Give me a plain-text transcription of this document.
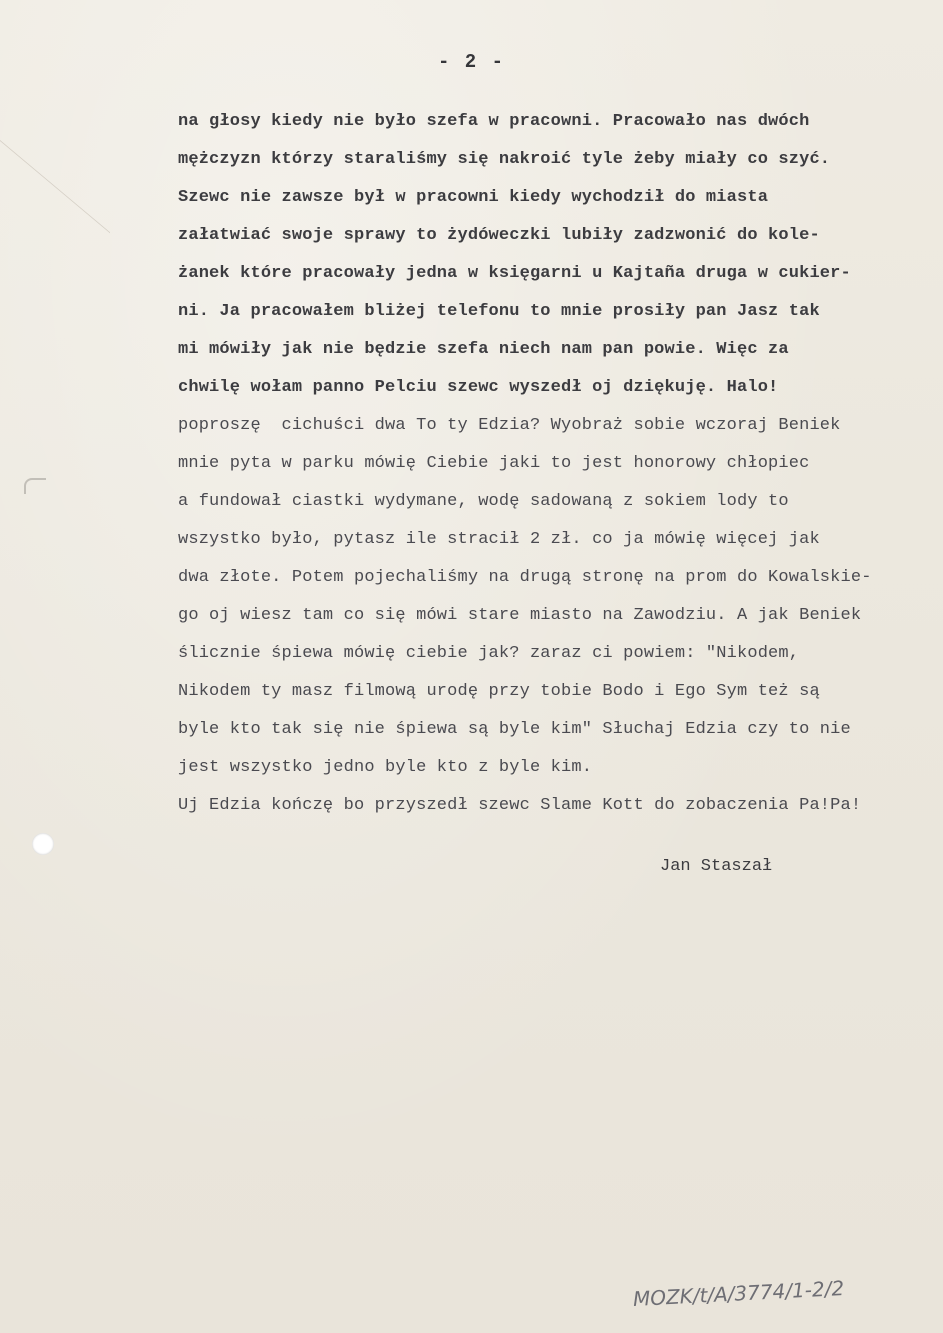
- 2 -
na głosy kiedy nie było szefa w pracowni. Pracowało nas dwóch
mężczyzn którzy staraliśmy się nakroić tyle żeby miały co szyć.
Szewc nie zawsze był w pracowni kiedy wychodził do miasta
załatwiać swoje sprawy to żydóweczki lubiły zadzwonić do kole-
żanek które pracowały jedna w księgarni u Kajtaña druga w cukier-
ni. Ja pracowałem bliżej telefonu to mnie prosiły pan Jasz tak
mi mówiły jak nie będzie szefa niech nam pan powie. Więc za
chwilę wołam panno Pelciu szewc wyszedł oj dziękuję. Halo!
poproszę  cichuści dwa To ty Edzia? Wyobraż sobie wczoraj Beniek
mnie pyta w parku mówię Ciebie jaki to jest honorowy chłopiec
a fundował ciastki wydymane, wodę sadowaną z sokiem lody to
wszystko było, pytasz ile stracił 2 zł. co ja mówię więcej jak
dwa złote. Potem pojechaliśmy na drugą stronę na prom do Kowalskie-
go oj wiesz tam co się mówi stare miasto na Zawodziu. A jak Beniek
ślicznie śpiewa mówię ciebie jak? zaraz ci powiem: "Nikodem,
Nikodem ty masz filmową urodę przy tobie Bodo i Ego Sym też są
byle kto tak się nie śpiewa są byle kim" Słuchaj Edzia czy to nie
jest wszystko jedno byle kto z byle kim.
Uj Edzia kończę bo przyszedł szewc Slame Kott do zobaczenia Pa!Pa!
Jan Staszał
MOZK/t/A/3774/1-2/2
